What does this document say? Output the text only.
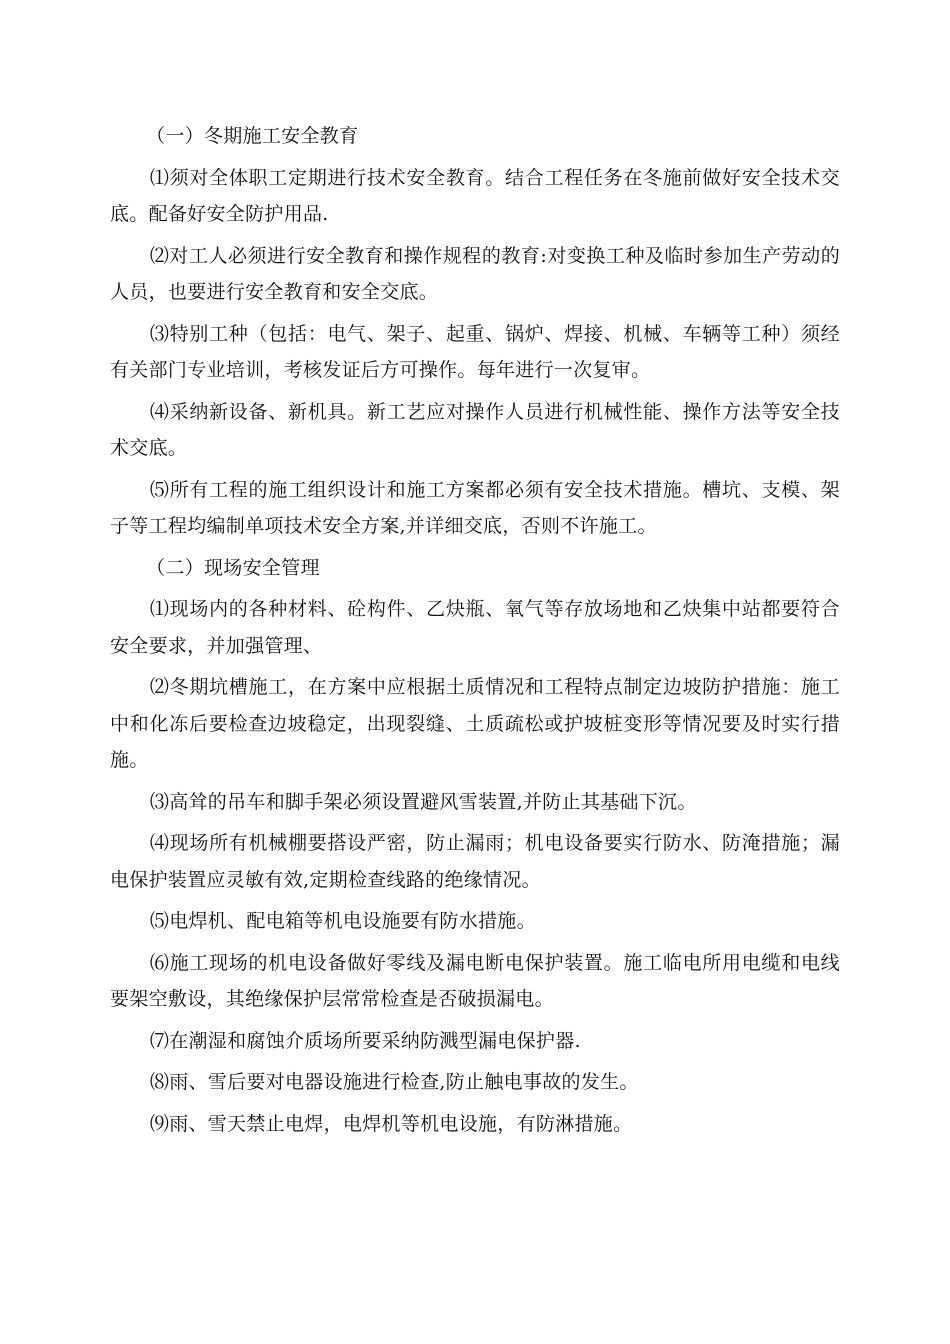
（一）冬期施工安全教育

⑴须对全体职工定期进行技术安全教育。结合工程任务在冬施前做好安全技术交底。配备好安全防护用品.

⑵对工人必须进行安全教育和操作规程的教育:对变换工种及临时参加生产劳动的人员，也要进行安全教育和安全交底。

⑶特别工种（包括：电气、架子、起重、锅炉、焊接、机械、车辆等工种）须经有关部门专业培训，考核发证后方可操作。每年进行一次复审。

⑷采纳新设备、新机具。新工艺应对操作人员进行机械性能、操作方法等安全技术交底。

⑸所有工程的施工组织设计和施工方案都必须有安全技术措施。槽坑、支模、架子等工程均编制单项技术安全方案,并详细交底，否则不许施工。

（二）现场安全管理

⑴现场内的各种材料、砼构件、乙炔瓶、氧气等存放场地和乙炔集中站都要符合安全要求，并加强管理、

⑵冬期坑槽施工，在方案中应根据土质情况和工程特点制定边坡防护措施：施工中和化冻后要检查边坡稳定，出现裂缝、土质疏松或护坡桩变形等情况要及时实行措施。

⑶高耸的吊车和脚手架必须设置避风雪装置,并防止其基础下沉。

⑷现场所有机械棚要搭设严密，防止漏雨；机电设备要实行防水、防淹措施；漏电保护装置应灵敏有效,定期检查线路的绝缘情况。

⑸电焊机、配电箱等机电设施要有防水措施。

⑹施工现场的机电设备做好零线及漏电断电保护装置。施工临电所用电缆和电线要架空敷设，其绝缘保护层常常检查是否破损漏电。

⑺在潮湿和腐蚀介质场所要采纳防溅型漏电保护器.

⑻雨、雪后要对电器设施进行检查,防止触电事故的发生。

⑼雨、雪天禁止电焊，电焊机等机电设施，有防淋措施。
